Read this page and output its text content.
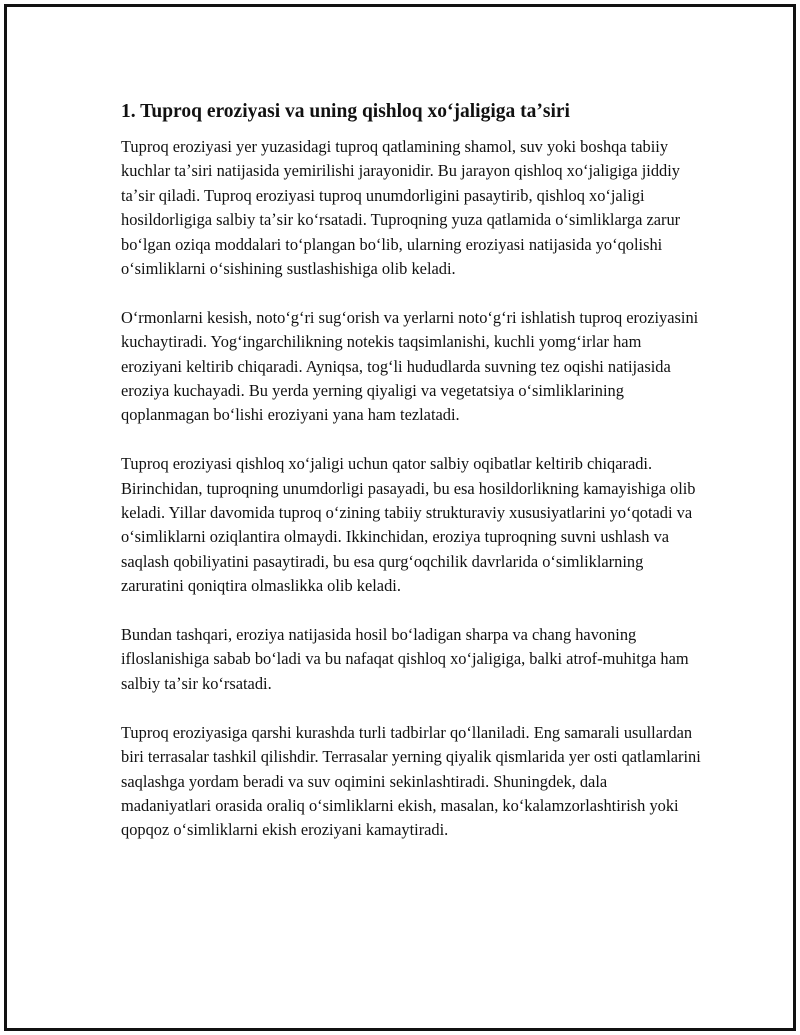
1. Tuproq eroziyasi va uning qishloq xoʻjaligiga taʼsiri

Tuproq eroziyasi yer yuzasidagi tuproq qatlamining shamol, suv yoki boshqa tabiiy kuchlar taʼsiri natijasida yemirilishi jarayonidir. Bu jarayon qishloq xoʻjaligiga jiddiy taʼsir qiladi. Tuproq eroziyasi tuproq unumdorligini pasaytirib, qishloq xoʻjaligi hosildorligiga salbiy taʼsir koʻrsatadi. Tuproqning yuza qatlamida oʻsimliklarga zarur boʻlgan oziqa moddalari toʻplangan boʻlib, ularning eroziyasi natijasida yoʻqolishi oʻsimliklarni oʻsishining sustlashishiga olib keladi.

Oʻrmonlarni kesish, notoʻgʻri sugʻorish va yerlarni notoʻgʻri ishlatish tuproq eroziyasini kuchaytiradi. Yogʻingarchilikning notekis taqsimlanishi, kuchli yomgʻirlar ham eroziyani keltirib chiqaradi. Ayniqsa, togʻli hududlarda suvning tez oqishi natijasida eroziya kuchayadi. Bu yerda yerning qiyaligi va vegetatsiya oʻsimliklarining qoplanmagan boʻlishi eroziyani yana ham tezlatadi.

Tuproq eroziyasi qishloq xoʻjaligi uchun qator salbiy oqibatlar keltirib chiqaradi. Birinchidan, tuproqning unumdorligi pasayadi, bu esa hosildorlikning kamayishiga olib keladi. Yillar davomida tuproq oʻzining tabiiy strukturaviy xususiyatlarini yoʻqotadi va oʻsimliklarni oziqlantira olmaydi. Ikkinchidan, eroziya tuproqning suvni ushlash va saqlash qobiliyatini pasaytiradi, bu esa qurgʻoqchilik davrlarida oʻsimliklarning zaruratini qoniqtira olmaslikka olib keladi.

Bundan tashqari, eroziya natijasida hosil boʻladigan sharpa va chang havoning ifloslanishiga sabab boʻladi va bu nafaqat qishloq xoʻjaligiga, balki atrof-muhitga ham salbiy taʼsir koʻrsatadi.

Tuproq eroziyasiga qarshi kurashda turli tadbirlar qoʻllaniladi. Eng samarali usullardan biri terrasalar tashkil qilishdir. Terrasalar yerning qiyalik qismlarida yer osti qatlamlarini saqlashga yordam beradi va suv oqimini sekinlashtiradi. Shuningdek, dala madaniyatlari orasida oraliq oʻsimliklarni ekish, masalan, koʻkalamzorlashtirish yoki qopqoz oʻsimliklarni ekish eroziyani kamaytiradi.
